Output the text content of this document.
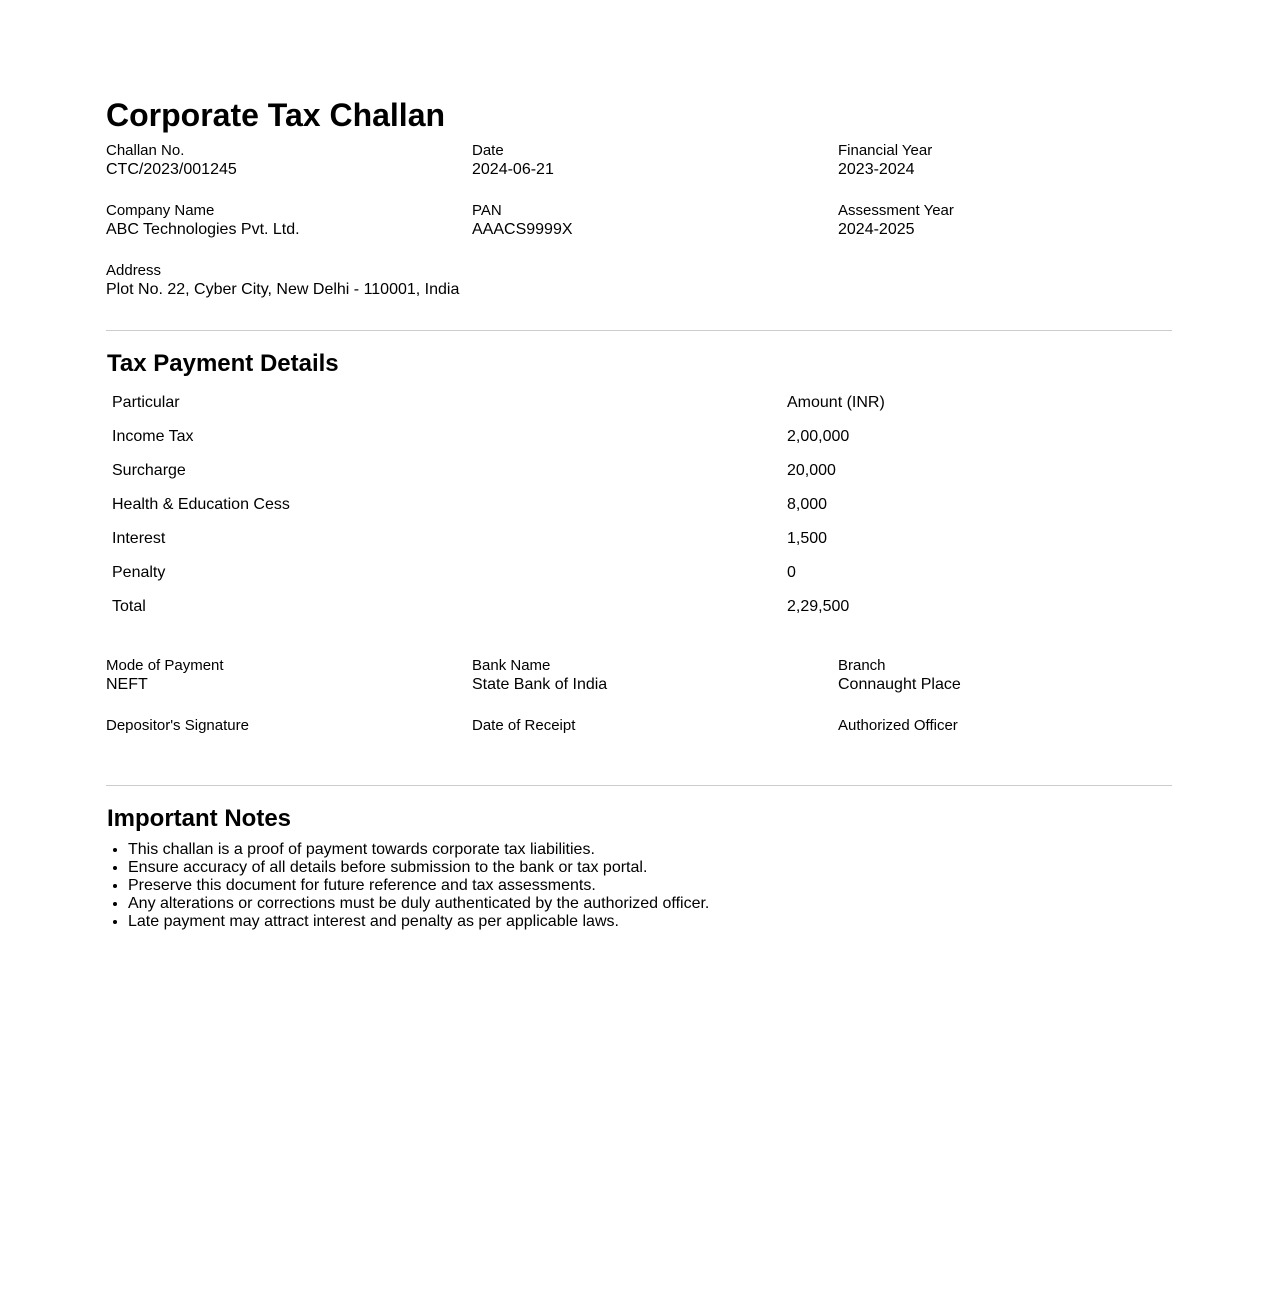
Corporate Tax Challan
Challan No.
CTC/2023/001245
Date
2024-06-21
Financial Year
2023-2024
Company Name
ABC Technologies Pvt. Ltd.
PAN
AAACS9999X
Assessment Year
2024-2025
Address
Plot No. 22, Cyber City, New Delhi - 110001, India
Tax Payment Details
Particular	Amount (INR)
Income Tax	2,00,000
Surcharge	20,000
Health & Education Cess	8,000
Interest	1,500
Penalty	0
Total	2,29,500
Mode of Payment
NEFT
Bank Name
State Bank of India
Branch
Connaught Place
Depositor's Signature	Date of Receipt	Authorized Officer
Important Notes
• This challan is a proof of payment towards corporate tax liabilities.
• Ensure accuracy of all details before submission to the bank or tax portal.
• Preserve this document for future reference and tax assessments.
• Any alterations or corrections must be duly authenticated by the authorized officer.
• Late payment may attract interest and penalty as per applicable laws.
